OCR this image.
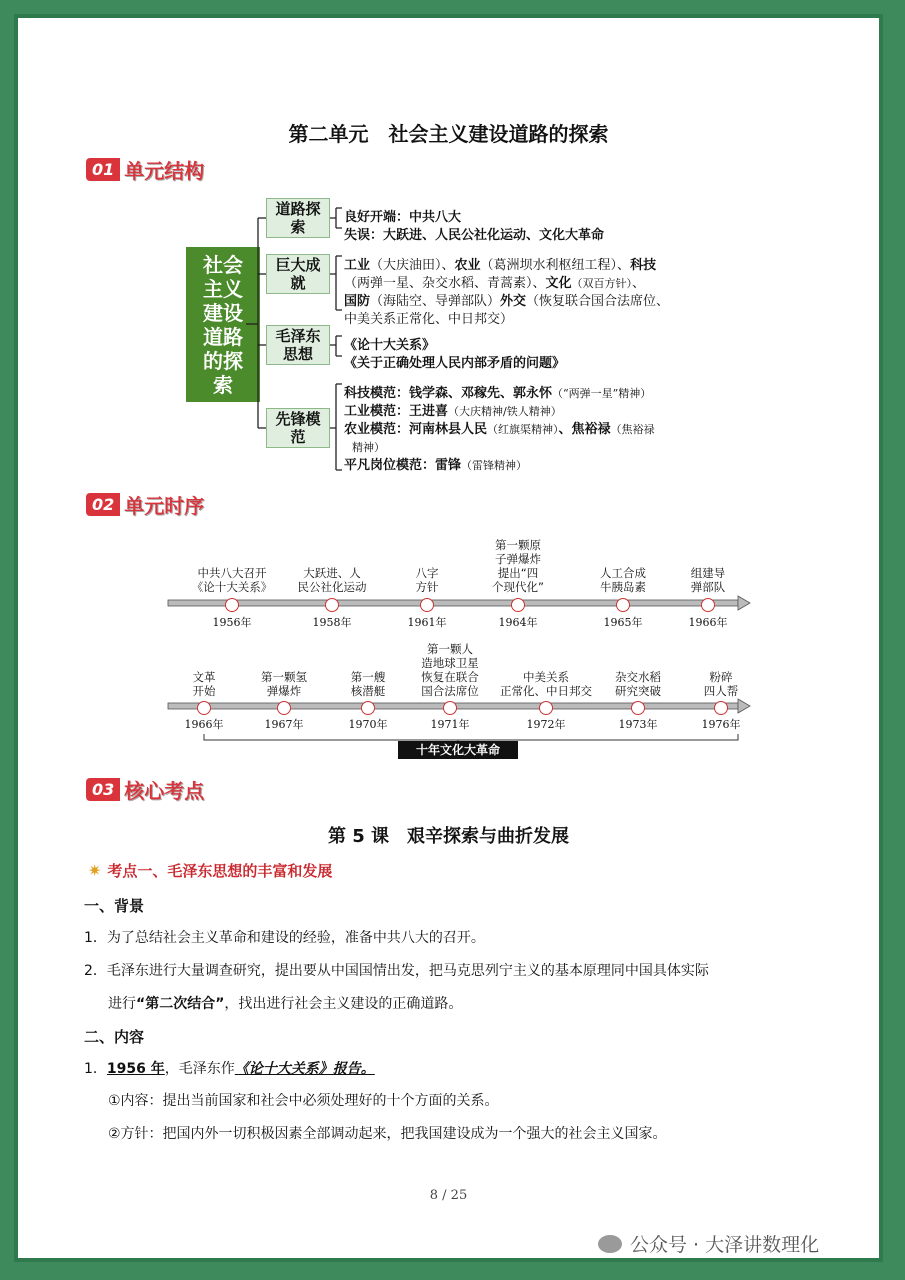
第二单元　社会主义建设道路的探索
01 单元结构
社会主义建设道路的探索
道路探索
巨大成就
毛泽东思想
先锋模范
良好开端：中共八大
失误：大跃进、人民公社化运动、文化大革命
工业（大庆油田）、农业（葛洲坝水利枢纽工程）、科技
（两弹一星、杂交水稻、青蒿素）、文化（双百方针）、
国防（海陆空、导弹部队）外交（恢复联合国合法席位、
中美关系正常化、中日邦交）
《论十大关系》
《关于正确处理人民内部矛盾的问题》
科技模范：钱学森、邓稼先、郭永怀（“两弹一星”精神）
工业模范：王进喜（大庆精神/铁人精神）
农业模范：河南林县人民（红旗渠精神）、焦裕禄（焦裕禄
精神）
平凡岗位模范：雷锋（雷锋精神）
02 单元时序
中共八大召开
《论十大关系》
1956年
大跃进、人
民公社化运动
1958年
八字
方针
1961年
第一颗原
子弹爆炸
提出“四
个现代化”
1964年
人工合成
牛胰岛素
1965年
组建导
弹部队
1966年
文革
开始
1966年
第一颗氢
弹爆炸
1967年
第一艘
核潜艇
1970年
第一颗人
造地球卫星
恢复在联合
国合法席位
1971年
中美关系
正常化、中日邦交
1972年
杂交水稻
研究突破
1973年
粉碎
四人帮
1976年
十年文化大革命
03 核心考点
第 5 课　艰辛探索与曲折发展
✷ 考点一、毛泽东思想的丰富和发展
一、背景
1．为了总结社会主义革命和建设的经验，准备中共八大的召开。
2．毛泽东进行大量调查研究，提出要从中国国情出发，把马克思列宁主义的基本原理同中国具体实际
进行“第二次结合”，找出进行社会主义建设的正确道路。
二、内容
1．1956 年，毛泽东作《论十大关系》报告。
①内容：提出当前国家和社会中必须处理好的十个方面的关系。
②方针：把国内外一切积极因素全部调动起来，把我国建设成为一个强大的社会主义国家。
8 / 25
公众号 · 大泽讲数理化
